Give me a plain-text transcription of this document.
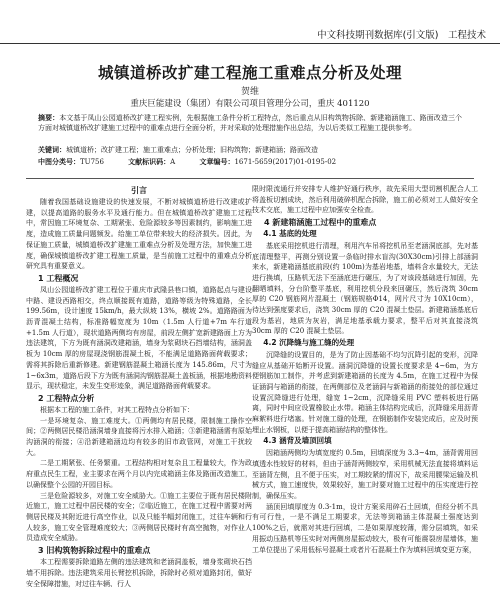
中文科技期刊数据库(引文版)　工程技术
城镇道桥改扩建工程施工重难点分析及处理
贺维
重庆巨能建设（集团）有限公司项目管理分公司，重庆 401120
摘要：本文基于凤山公园道桥改扩建工程实例，先根据施工条件分析工程特点，然后重点从旧构筑物拆除、新建箱涵施工、路面改造三个方面对城镇道桥改扩建施工过程中的重难点进行全面分析，并对采取的处理措施作出总结，为以后类似工程施工提供参考。
关键词：城镇道桥；改扩建工程；施工重难点；分析处理；旧构筑物；新建箱涵；路面改造
中图分类号：TU756	文献标识码：A	文章编号：1671-5659(2017)01-0195-02
引言

随着我国基础设施建设的快速发展，不断对城镇道桥进行改建或扩建，以提高道路的服务水平及通行能力。但在城镇道桥改扩建施工过程中，常因施工环境复杂、工期紧张、危险源较多等因素制约，影响施工进度，造成施工质量问题频发。给施工单位带来较大的经济损失。因此，为保证施工质量，城镇道桥改扩建施工重难点分析及处理方法，加快施工进度，确保城镇道桥改扩建工程施工质量，是当前施工过程中的重难点分析研究具有重要意义。

1 工程概况

凤山公园道桥改扩建工程位于重庆市武隆县巷口镇，道路起点与建设中路、建设西路相交，终点顺接既有道路，道路等级为特殊道路，全长 199.56m，设计速度 15km/h，最大纵坡 13%，横坡 2%。道路路面为沥青混凝土结构，标准路幅宽度为 10m（1.5m 人行道+7m 车行道+1.5m 人行道），现状道路两侧均有房屋，前段左侧扩宽新建路面上方为违法建筑，下方为既有涵洞改建箱涵，墙身为浆砌块石挡墙结构，涵洞盖板为 10cm 厚的房屋现浇钢筋混凝土板，不能满足道路路面荷载要求；需将其拆除后重新修建。新建钢筋混凝土箱涵长度为 145.86m，尺寸为 1~6x3m，道路后段下方为既有涵洞沟钢筋混凝土盖板涵，根据地勘资料显示，现状稳定，未发生变形迹象，满足道路路面荷载要求。

2 工程特点分析

根据本工程的施工条件，对其工程特点分析如下：

一是环境复杂、施工难度大。①两侧均有居民楼，限制施工操作空间；②两侧居民楼沿涵洞墙身直接将污水排入箱涵；③新建箱涵需有原始沟涵洞的衔接；④沿新建箱涵边均有较多的旧市政管网，对施工干扰较大。

二是工期紧张、任务繁重。工程结构相对复杂且工程量较大，作为政府重点民生工程，业主要求在两个月以内完成箱涵主体及路面改造施工，以确保整个公园的开园目标。

三是危险源较多，对施工安全威胁大。①施工主要位于既有居民楼附近施工，施工过程中居民楼的安全；②临近施工，在施工过程中需要对两侧居民楼及其附近进行高空作业，以及只能半幅封闭施工，过往车辆和行人较多，施工安全管理难度较大；③两侧居民楼时有高空抛物，对作业人员造成安全威胁。

3 旧构筑物拆除过程中的重难点

本工程需要拆除道路左侧的违法建筑和老涵洞盖板，墙身浆砌块石挡墙不用拆除。违法建筑采用长臂挖机拆除，拆除时必须对道路封闭，做好安全保障措施，对过往车辆、行人

限时限流通行并安排专人维护好通行秩序，故先采用大型切割机配合人工将盖板切割成块，然后利用破碎机配合拆除，施工前必须对工人做好安全技术交底，施工过程中应加强安全检查。

4 新建箱涵施工过程中的重难点
4.1 基底的处理

基底采用挖机进行清理，利用汽车吊将挖机吊至老涵洞底部，先对基底清理整平，再测分别设置一条临时排水盲沟(30X30cm)引排上部涵洞来水，新建箱涵基底前段(约 100m)为基岩地基，墙料含水量较大，无法进行换填，压路机无法下至涵底进行碾压，为了对该段基础进行加固，先翻晒填料，分台阶整平基底，利用挖机分段来回碾压，然后浇筑 30cm 厚的 C20 钢筋网片混凝土（钢筋规格Φ14，网片尺寸为 10X10cm），待达到强度要求后，浇筑 30cm 厚的 C20 混凝土垫层。新建箱涵基底后段为基岩，地质为灰岩，满足地基承载力要求，整平后对其直接浇筑 30cm 厚的 C20 混凝土垫层。

4.2 沉降缝与施工缝的处理

沉降缝的设置目的，是为了防止因基础不均匀沉降引起的变形，沉降缝应从基础开始断开设置。涵洞沉降缝的设置长度要求是 4~6m，为方便钢筋加工制作，并考虑到新建箱涵的长度为 4.5m，在施工过程中为保证涵洞与箱涵的衔接，在两侧部位及老涵洞与新箱涵的衔接处的部位通过设置沉降缝进行处理，缝宽 1~2cm，沉降缝采用 PVC 塑料板进行隔离，同时中间应设置橡胶止水带。箱涵主体结构完成后，沉降缝采用沥青麻絮料进行堵塞。针对施工缝的处理，在钢筋制作安装完成后，应及时预埋止水钢板，以便于提高箱涵结构的整体性。

4.3 涵背及墙顶回填

因箱涵两侧均为填宽度约 0.5m，回填深度为 3.3~4m，涵背需用回填透水性较好的材料，但由于涵背两侧较窄，采用机械无法直接将填料运至涵背左侧，且不便于压实，对工期较紧的情况下，故采用腰梁运输及机械方式，施工速度快，效果较好，施工时要对施工过程中的压实度进行控制，确保压实。

涵顶回填厚度为 0.3-1m，设计方案采用碎石土回填，但经分析不具有可行性，一是不满足工期要求，无法等到箱涵主体混凝土强度达到 100%之后，就需对其进行回填，二是如果厚度较薄，需分层填筑，如采用振动压路机等压实时对两侧房屋振动较大，极有可能震裂房屋墙体，施工单位提出了采用低标号混凝土或者片石混凝土作为填料回填变更方案，
